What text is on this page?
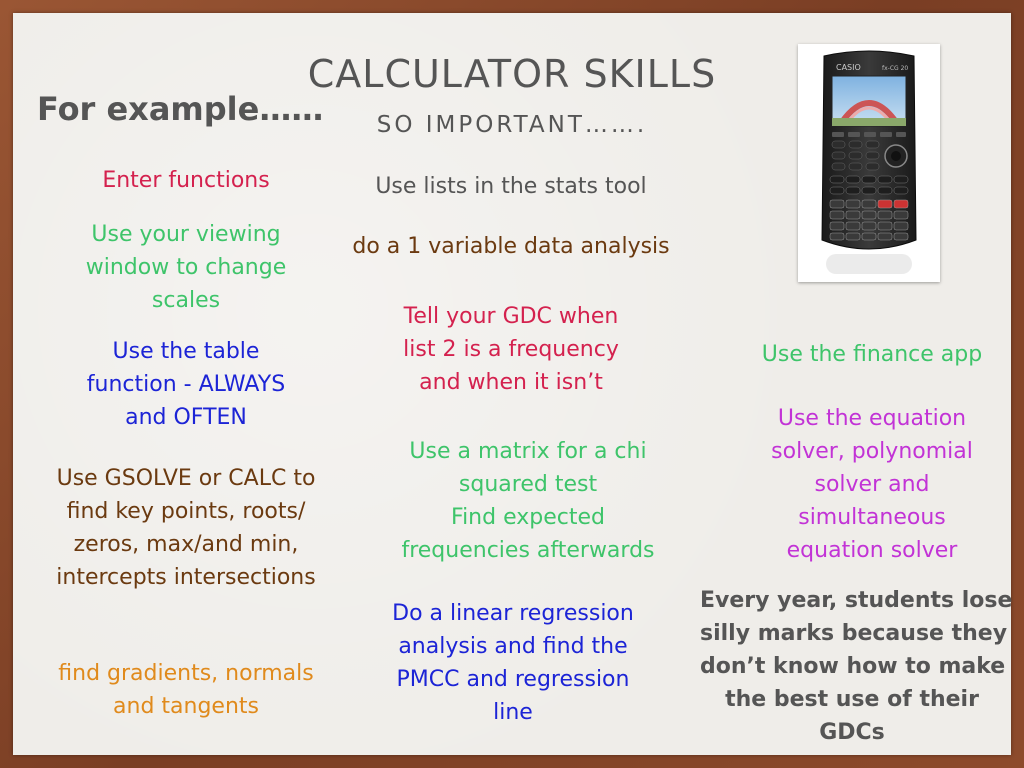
CALCULATOR SKILLS
SO IMPORTANT…….
For example……
Enter functions
Use your viewing
window to change
scales
Use the table
function - ALWAYS
and OFTEN
Use GSOLVE or CALC to
find key points, roots/
zeros, max/and min,
intercepts intersections
find gradients, normals
and tangents
Use lists in the stats tool
do a 1 variable data analysis
Tell your GDC when
list 2 is a frequency
and when it isn’t
Use a matrix for a chi
squared test
Find expected
frequencies afterwards
Do a linear regression
analysis and find the
PMCC and regression
line
Use the finance app
Use the equation
solver, polynomial
solver and
simultaneous
equation solver
Every year, students lose
silly marks because they
don’t know how to make
the best use of their
GDCs
CASIO	fx-CG 20
